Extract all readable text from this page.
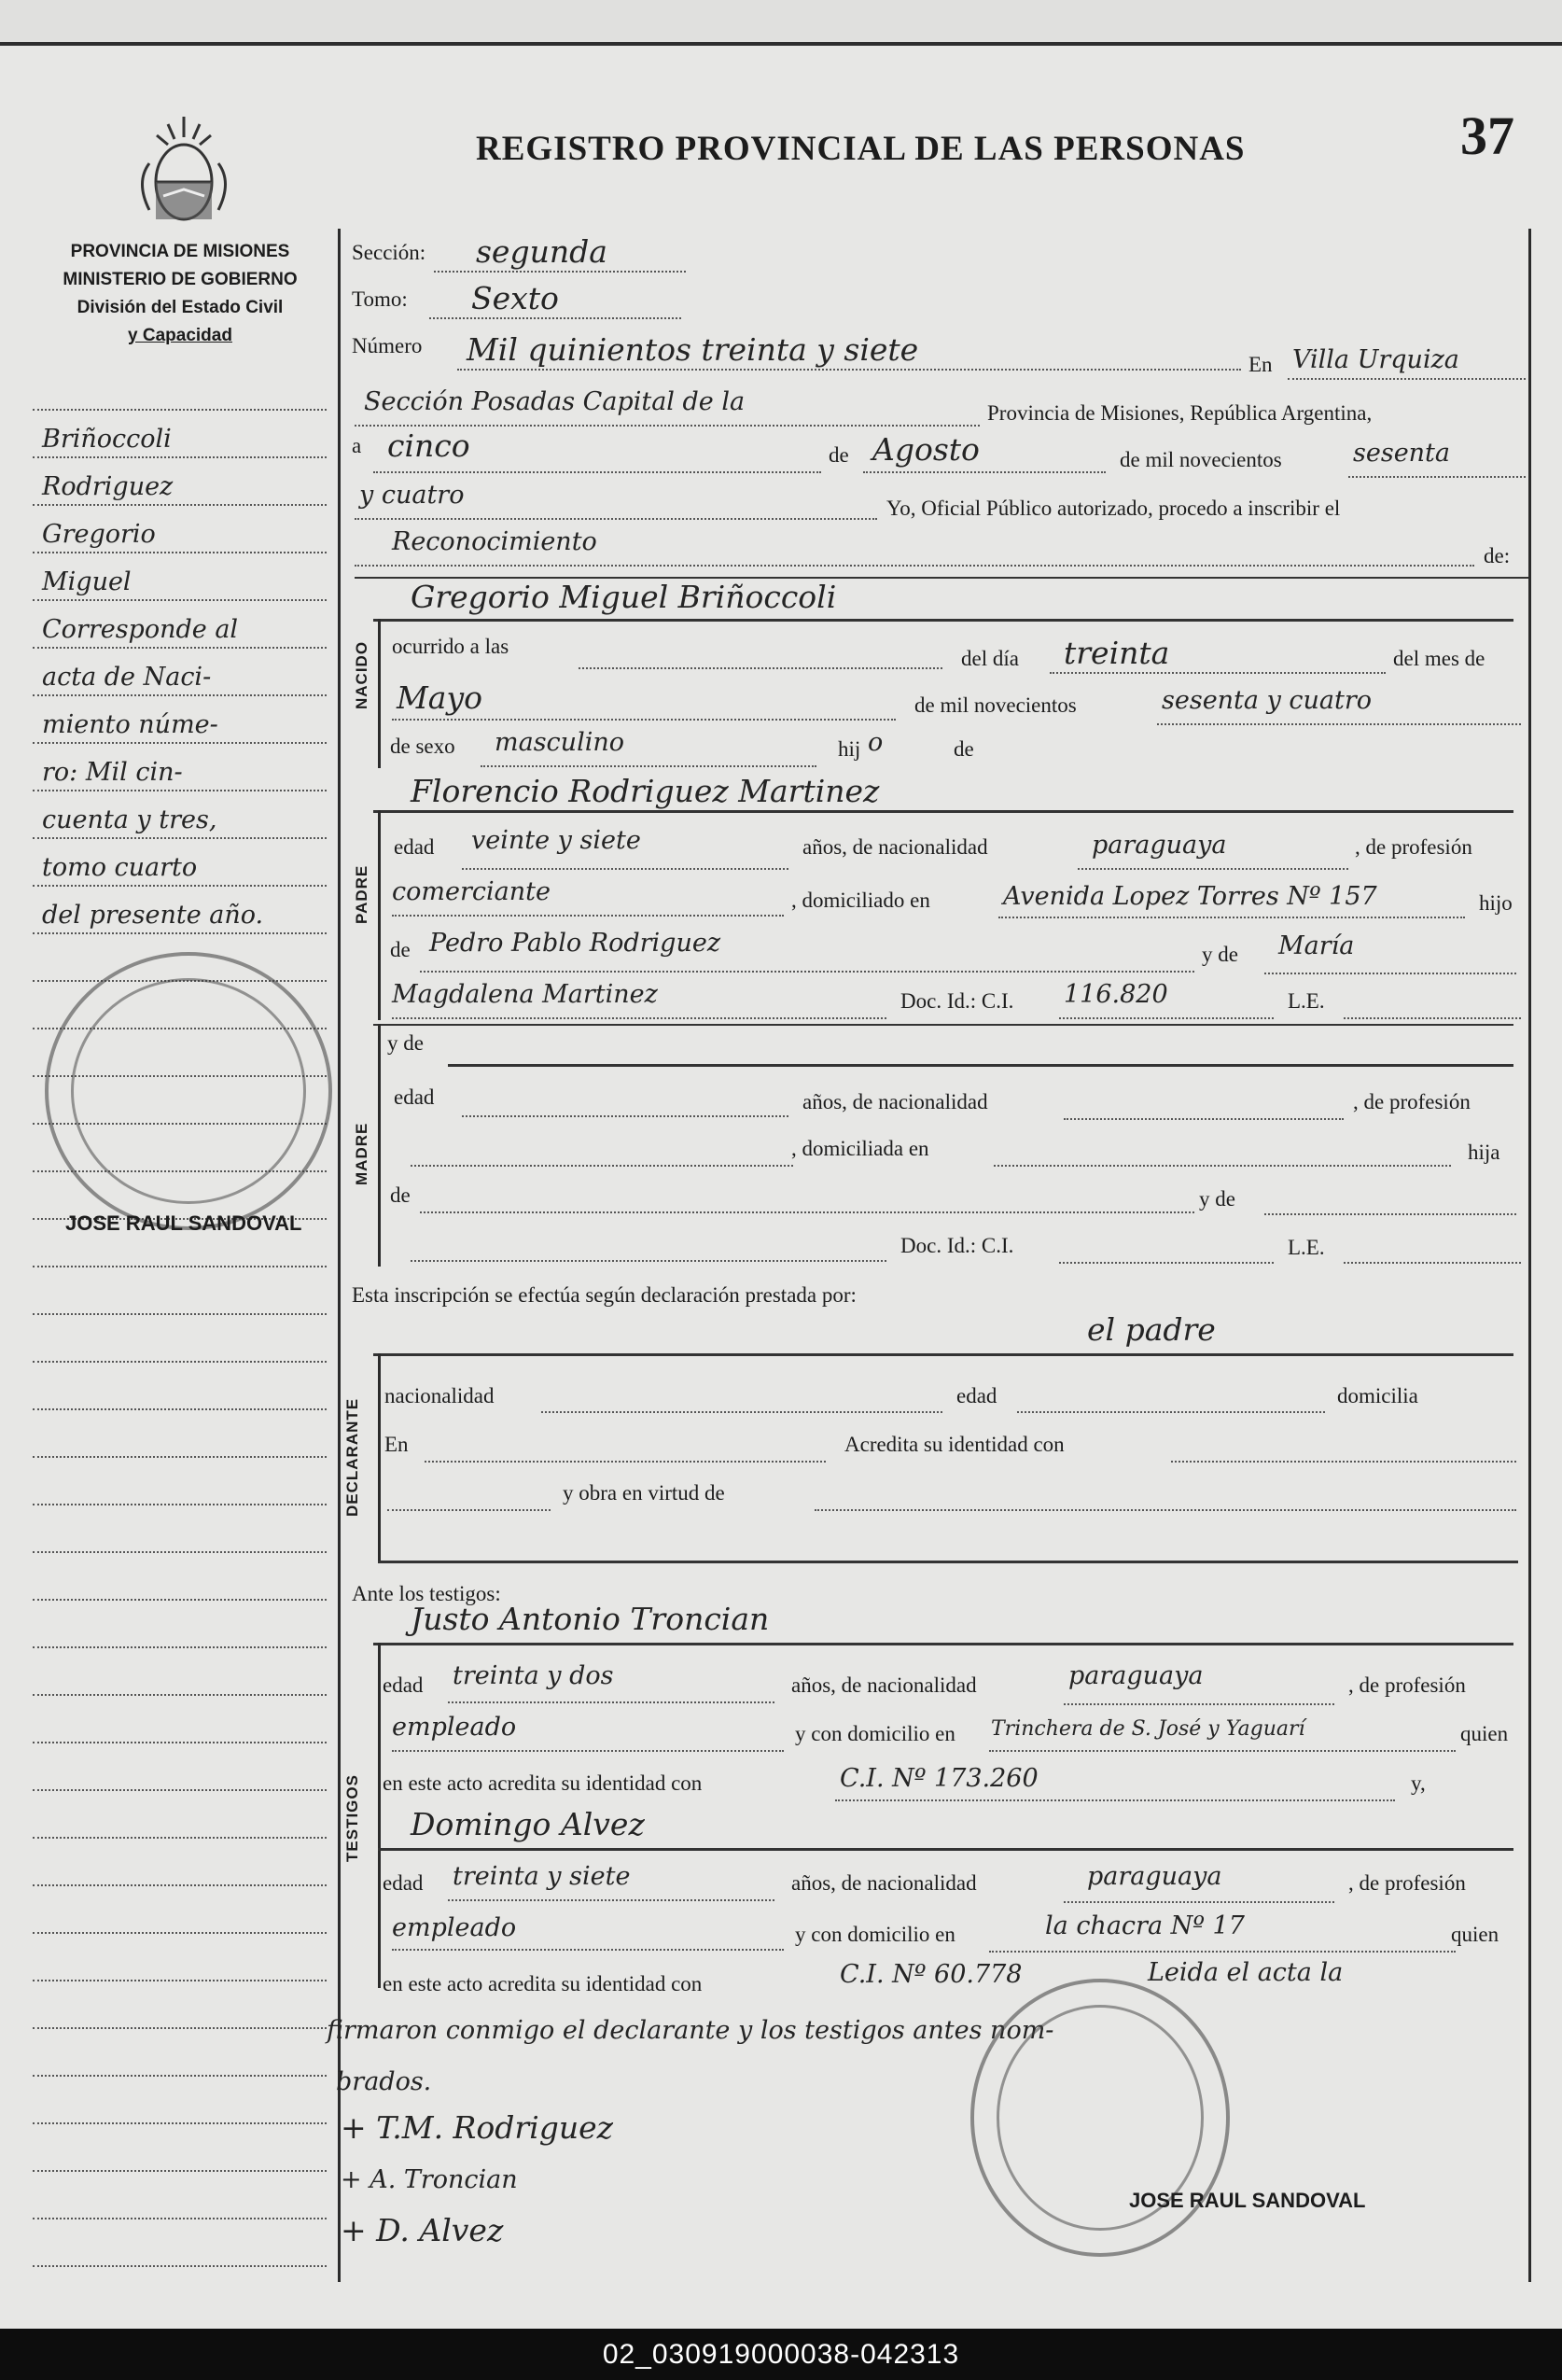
REGISTRO PROVINCIAL DE LAS PERSONAS	37
PROVINCIA DE MISIONES
MINISTERIO DE GOBIERNO
División del Estado Civil
y Capacidad
Briñoccoli
Rodriguez
Gregorio
Miguel
Corresponde al
acta de Naci-
miento núme-
ro: Mil cin-
cuenta y tres,
tomo cuarto
del presente año.
Sección: segunda
Tomo: Sexto
Número Mil quinientos treinta y siete	En Villa Urquiza
Sección Posadas Capital de la	Provincia de Misiones, República Argentina,
a cinco	de Agosto	de mil novecientos	sesenta
y cuatro	Yo, Oficial Público autorizado, procedo a inscribir el
Reconocimiento	de:
Gregorio Miguel Briñoccoli
NACIDO ocurrido a las
del día treinta	del mes de
Mayo	de mil novecientos	sesenta y cuatro
de sexo masculino	hij o	de
Florencio Rodriguez Martinez
PADRE
edad veinte y siete	años, de nacionalidad	paraguaya	, de profesión
comerciante	, domiciliado en	Avenida Lopez Torres Nº 157	hijo
de Pedro Pablo Rodriguez	y de María
Magdalena Martinez	Doc. Id.: C.I. 116.820	L.E.
MADRE
y de
edad	años, de nacionalidad	, de profesión
, domiciliada en	hija
de	y de
Doc. Id.: C.I.	L.E.
Esta inscripción se efectúa según declaración prestada por:
el padre
DECLARANTE
nacionalidad	edad	domicilia
En	Acredita su identidad con
y obra en virtud de
Ante los testigos:
Justo Antonio Troncian
TESTIGOS
edad treinta y dos	años, de nacionalidad	paraguaya	, de profesión
empleado	y con domicilio en Trinchera de S. José y Yaguarí	quien
en este acto acredita su identidad con	C.I. Nº 173.260	y,
Domingo Alvez
edad treinta y siete	años, de nacionalidad	paraguaya	, de profesión
empleado	y con domicilio en	la chacra Nº 17	quien
en este acto acredita su identidad con	C.I. Nº 60.778	Leida el acta la
firmaron conmigo el declarante y los testigos antes nom-
brados.
+ T.M. Rodriguez
+ A. Troncian
+ D. Alvez
JOSE RAUL SANDOVAL
JOSE RAUL SANDOVAL
02_030919000038-042313
